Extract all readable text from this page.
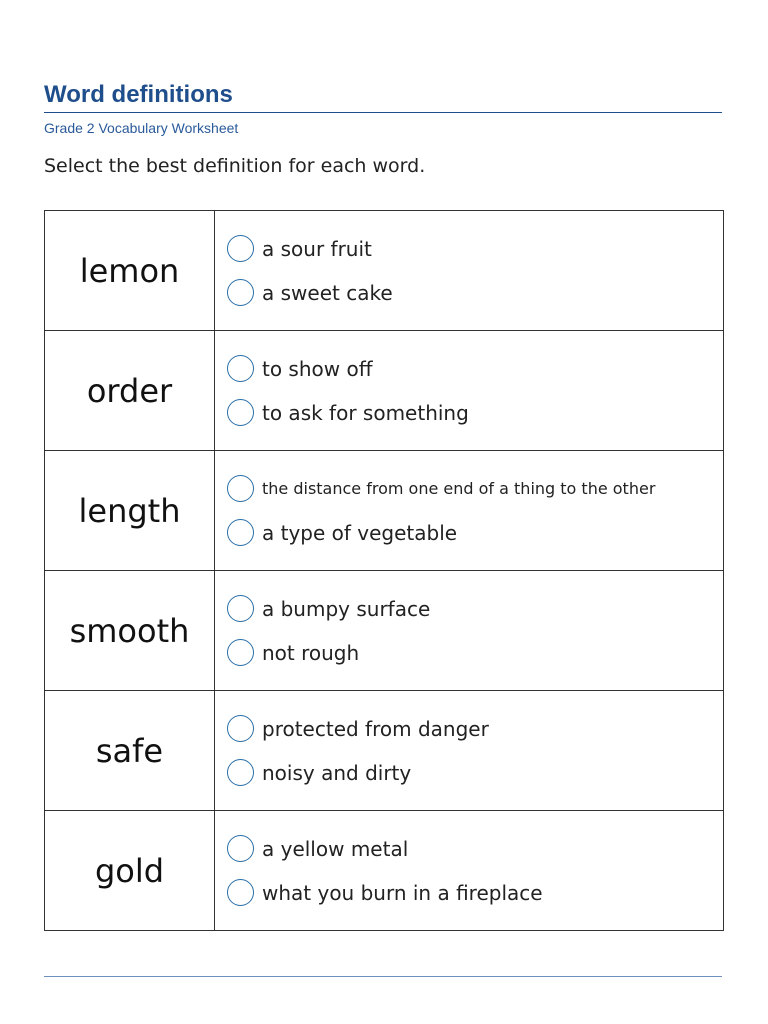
Word definitions
Grade 2 Vocabulary Worksheet
Select the best definition for each word.
lemon	a sour fruit
a sweet cake

order	to show off
to ask for something

length	the distance from one end of a thing to the other
a type of vegetable

smooth	a bumpy surface
not rough

safe	protected from danger
noisy and dirty

gold	a yellow metal
what you burn in a fireplace
